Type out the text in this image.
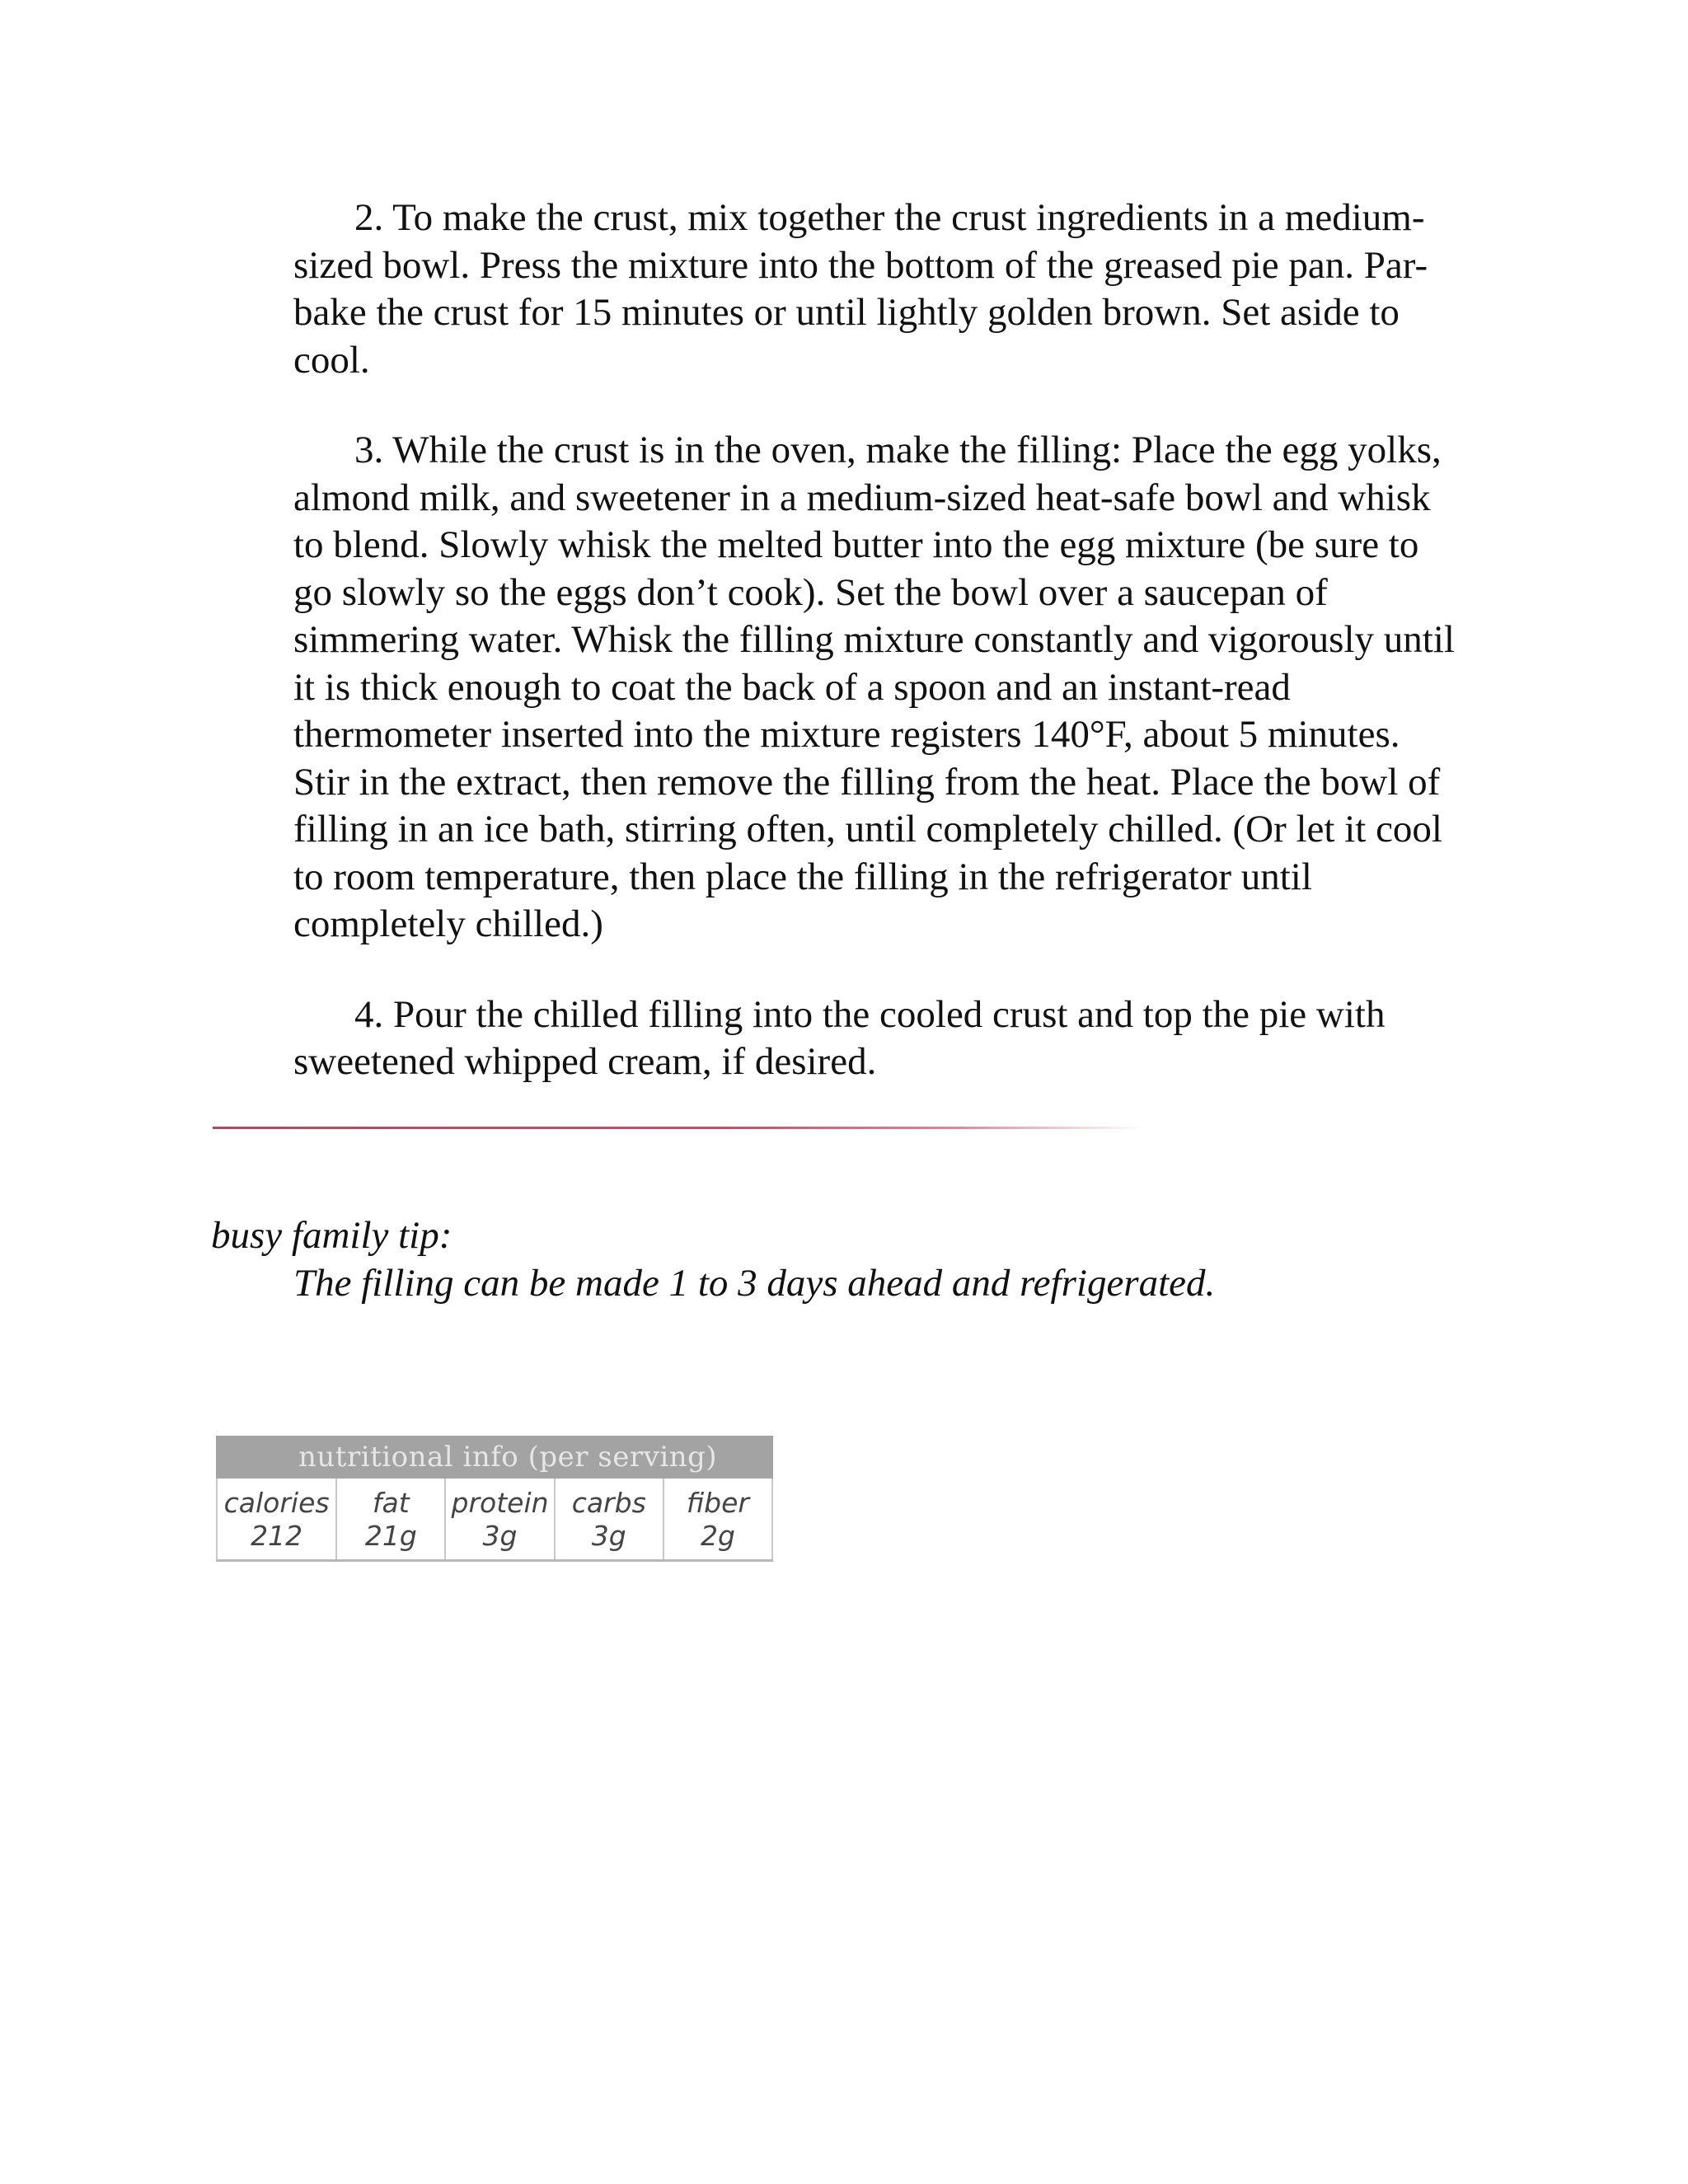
2. To make the crust, mix together the crust ingredients in a medium-sized bowl. Press the mixture into the bottom of the greased pie pan. Par-bake the crust for 15 minutes or until lightly golden brown. Set aside to cool.

3. While the crust is in the oven, make the filling: Place the egg yolks, almond milk, and sweetener in a medium-sized heat-safe bowl and whisk to blend. Slowly whisk the melted butter into the egg mixture (be sure to go slowly so the eggs don’t cook). Set the bowl over a saucepan of simmering water. Whisk the filling mixture constantly and vigorously until it is thick enough to coat the back of a spoon and an instant-read thermometer inserted into the mixture registers 140°F, about 5 minutes. Stir in the extract, then remove the filling from the heat. Place the bowl of filling in an ice bath, stirring often, until completely chilled. (Or let it cool to room temperature, then place the filling in the refrigerator until completely chilled.)

4. Pour the chilled filling into the cooled crust and top the pie with sweetened whipped cream, if desired.

busy family tip:
The filling can be made 1 to 3 days ahead and refrigerated.
nutritional info (per serving)
calories
212
fat
21g
protein
3g
carbs
3g
fiber
2g
